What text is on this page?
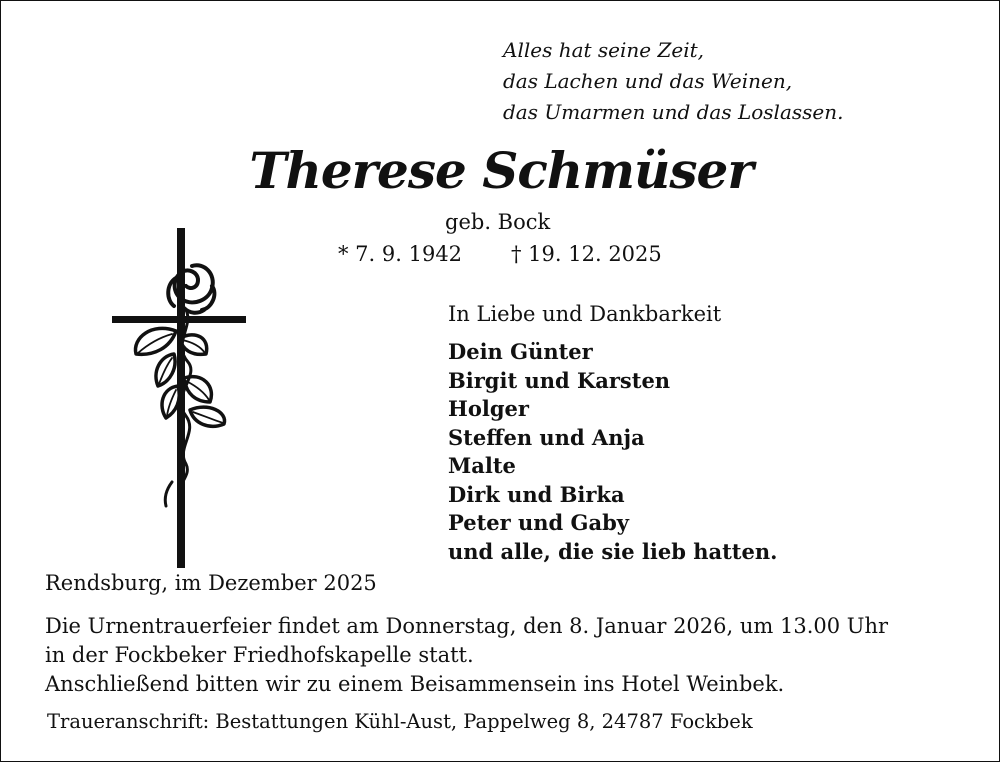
Alles hat seine Zeit,
das Lachen und das Weinen,
das Umarmen und das Loslassen.
Therese Schmüser
geb. Bock
* 7. 9. 1942 † 19. 12. 2025
In Liebe und Dankbarkeit
Dein Günter
Birgit und Karsten
Holger
Steffen und Anja
Malte
Dirk und Birka
Peter und Gaby
und alle, die sie lieb hatten.
Rendsburg, im Dezember 2025
Die Urnentrauerfeier findet am Donnerstag, den 8. Januar 2026, um 13.00 Uhr
in der Fockbeker Friedhofskapelle statt.
Anschließend bitten wir zu einem Beisammensein ins Hotel Weinbek.
Traueranschrift: Bestattungen Kühl-Aust, Pappelweg 8, 24787 Fockbek
